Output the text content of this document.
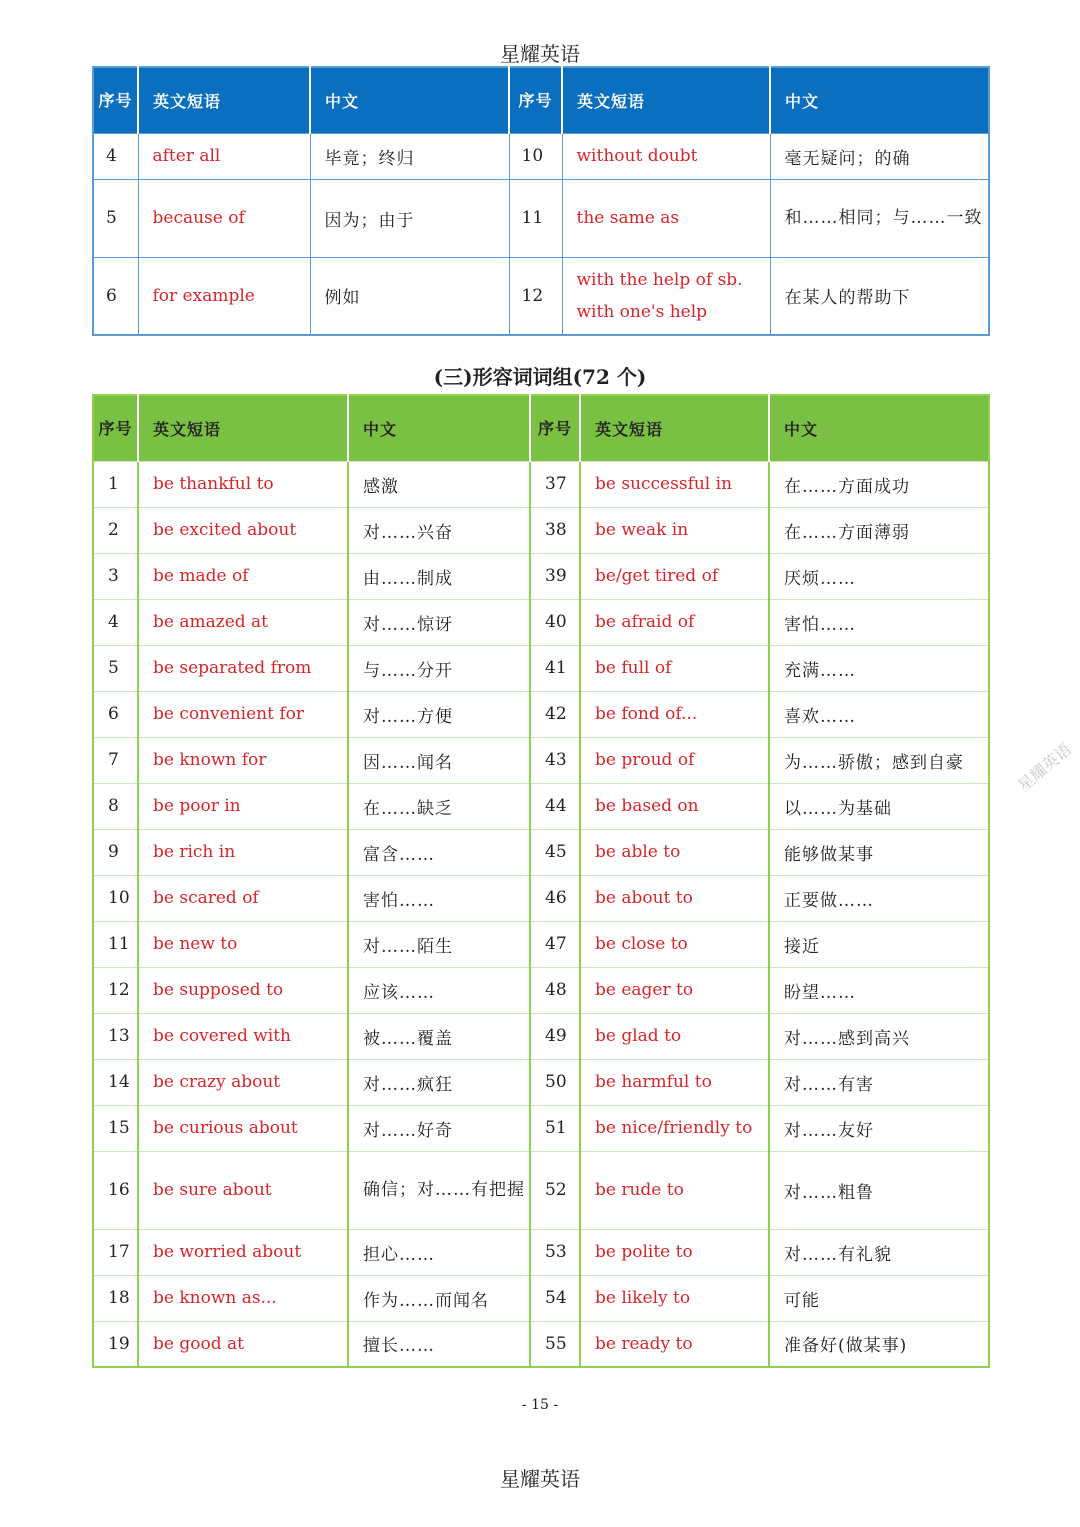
星耀英语
序号	英文短语	中文	序号	英文短语	中文
4	after all	毕竟；终归	10	without doubt	毫无疑问；的确
5	because of	因为；由于	11	the same as	和……相同；与……一致
6	for example	例如	12	with the help of sb. with one's help	在某人的帮助下
(三)形容词词组(72 个)
序号	英文短语	中文	序号	英文短语	中文
1	be thankful to	感激	37	be successful in	在……方面成功
2	be excited about	对……兴奋	38	be weak in	在……方面薄弱
3	be made of	由……制成	39	be/get tired of	厌烦……
4	be amazed at	对……惊讶	40	be afraid of	害怕……
5	be separated from	与……分开	41	be full of	充满……
6	be convenient for	对……方便	42	be fond of...	喜欢……
7	be known for	因……闻名	43	be proud of	为……骄傲；感到自豪
8	be poor in	在……缺乏	44	be based on	以……为基础
9	be rich in	富含……	45	be able to	能够做某事
10	be scared of	害怕……	46	be about to	正要做……
11	be new to	对……陌生	47	be close to	接近
12	be supposed to	应该……	48	be eager to	盼望……
13	be covered with	被……覆盖	49	be glad to	对……感到高兴
14	be crazy about	对……疯狂	50	be harmful to	对……有害
15	be curious about	对……好奇	51	be nice/friendly to	对……友好
16	be sure about	确信；对……有把握	52	be rude to	对……粗鲁
17	be worried about	担心……	53	be polite to	对……有礼貌
18	be known as...	作为……而闻名	54	be likely to	可能
19	be good at	擅长……	55	be ready to	准备好(做某事)
- 15 -
星耀英语
星耀英语
